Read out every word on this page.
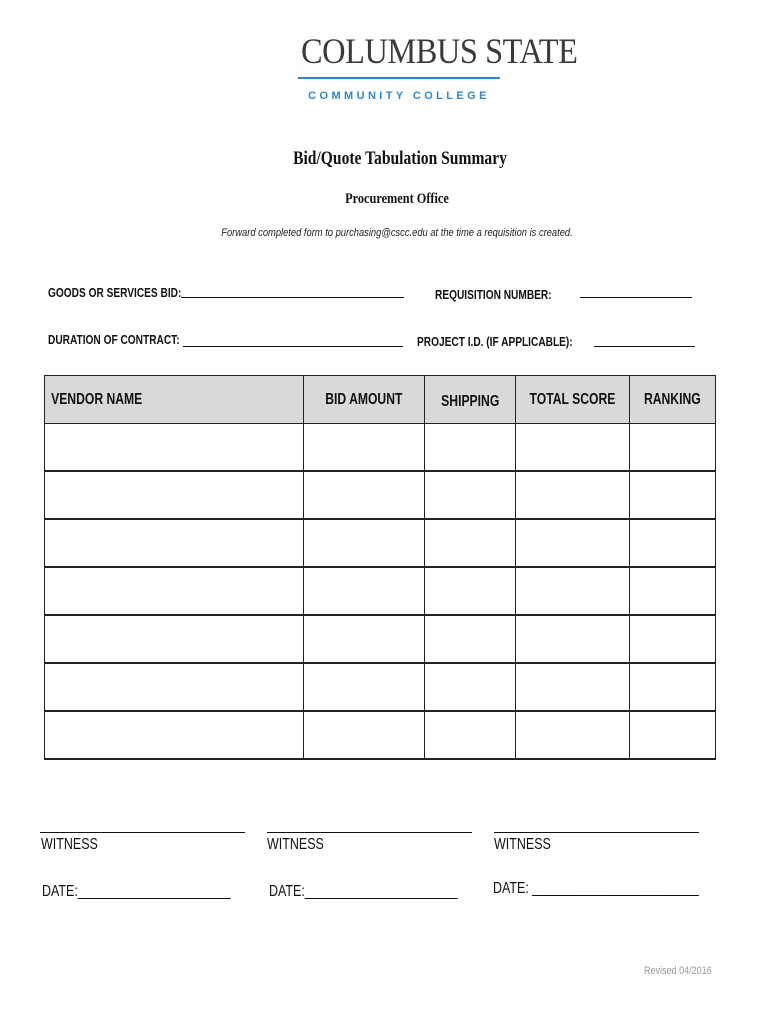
COLUMBUS STATE
COMMUNITY COLLEGE
Bid/Quote Tabulation Summary
Procurement Office
Forward completed form to purchasing@cscc.edu at the time a requisition is created.
GOODS OR SERVICES BID:	REQUISITION NUMBER:
DURATION OF CONTRACT:	PROJECT I.D. (IF APPLICABLE):
VENDOR NAME	BID AMOUNT	SHIPPING	TOTAL SCORE	RANKING

WITNESS	WITNESS	WITNESS
DATE:______________________ DATE:______________________ DATE: ________________________
Revised 04/2016
